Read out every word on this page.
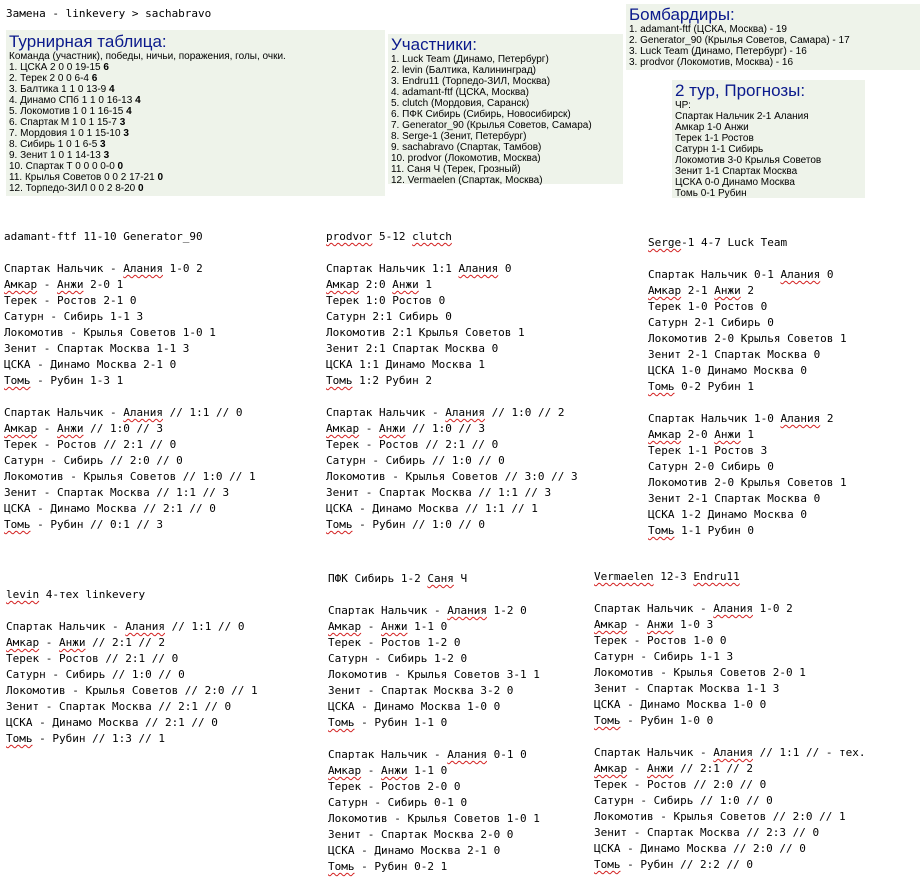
Замена - linkevery > sachabravo
Турнирная таблица:
Команда (участник), победы, ничьи, поражения, голы, очки.
1. ЦСКА 2 0 0 19-15 6
2. Терек 2 0 0 6-4 6
3. Балтика 1 1 0 13-9 4
4. Динамо СПб 1 1 0 16-13 4
5. Локомотив 1 0 1 16-15 4
6. Спартак М 1 0 1 15-7 3
7. Мордовия 1 0 1 15-10 3
8. Сибирь 1 0 1 6-5 3
9. Зенит 1 0 1 14-13 3
10. Спартак Т 0 0 0 0-0 0
11. Крылья Советов 0 0 2 17-21 0
12. Торпедо-ЗИЛ 0 0 2 8-20 0
Участники:
1. Luck Team (Динамо, Петербург)
2. levin (Балтика, Калининград)
3. Endru11 (Торпедо-ЗИЛ, Москва)
4. adamant-ftf (ЦСКА, Москва)
5. clutch (Мордовия, Саранск)
6. ПФК Сибирь (Сибирь, Новосибирск)
7. Generator_90 (Крылья Советов, Самара)
8. Serge-1 (Зенит, Петербург)
9. sachabravo (Спартак, Тамбов)
10. prodvor (Локомотив, Москва)
11. Саня Ч (Терек, Грозный)
12. Vermaelen (Спартак, Москва)
Бомбардиры:
1. adamant-ftf (ЦСКА, Москва) - 19
2. Generator_90 (Крылья Советов, Самара) - 17
3. Luck Team (Динамо, Петербург) - 16
3. prodvor (Локомотив, Москва) - 16
2 тур, Прогнозы:
ЧР:
Спартак Нальчик 2-1 Алания
Амкар 1-0 Анжи
Терек 1-1 Ростов
Сатурн 1-1 Сибирь
Локомотив 3-0 Крылья Советов
Зенит 1-1 Спартак Москва
ЦСКА 0-0 Динамо Москва
Томь 0-1 Рубин
adamant-ftf 11-10 Generator_90

Спартак Нальчик - Алания 1-0 2
Амкар - Анжи 2-0 1
Терек - Ростов 2-1 0
Сатурн - Сибирь 1-1 3
Локомотив - Крылья Советов 1-0 1
Зенит - Спартак Москва 1-1 3
ЦСКА - Динамо Москва 2-1 0
Томь - Рубин 1-3 1

Спартак Нальчик - Алания // 1:1 // 0
Амкар - Анжи // 1:0 // 3
Терек - Ростов // 2:1 // 0
Сатурн - Сибирь // 2:0 // 0
Локомотив - Крылья Советов // 1:0 // 1
Зенит - Спартак Москва // 1:1 // 3
ЦСКА - Динамо Москва // 2:1 // 0
Томь - Рубин // 0:1 // 3
prodvor 5-12 clutch

Спартак Нальчик 1:1 Алания 0
Амкар 2:0 Анжи 1
Терек 1:0 Ростов 0
Сатурн 2:1 Сибирь 0
Локомотив 2:1 Крылья Советов 1
Зенит 2:1 Спартак Москва 0
ЦСКА 1:1 Динамо Москва 1
Томь 1:2 Рубин 2

Спартак Нальчик - Алания // 1:0 // 2
Амкар - Анжи // 1:0 // 3
Терек - Ростов // 2:1 // 0
Сатурн - Сибирь // 1:0 // 0
Локомотив - Крылья Советов // 3:0 // 3
Зенит - Спартак Москва // 1:1 // 3
ЦСКА - Динамо Москва // 1:1 // 1
Томь - Рубин // 1:0 // 0
Serge-1 4-7 Luck Team

Спартак Нальчик 0-1 Алания 0
Амкар 2-1 Анжи 2
Терек 1-0 Ростов 0
Сатурн 2-1 Сибирь 0
Локомотив 2-0 Крылья Советов 1
Зенит 2-1 Спартак Москва 0
ЦСКА 1-0 Динамо Москва 0
Томь 0-2 Рубин 1

Спартак Нальчик 1-0 Алания 2
Амкар 2-0 Анжи 1
Терек 1-1 Ростов 3
Сатурн 2-0 Сибирь 0
Локомотив 2-0 Крылья Советов 1
Зенит 2-1 Спартак Москва 0
ЦСКА 1-2 Динамо Москва 0
Томь 1-1 Рубин 0
levin 4-тех linkevery

Спартак Нальчик - Алания // 1:1 // 0
Амкар - Анжи // 2:1 // 2
Терек - Ростов // 2:1 // 0
Сатурн - Сибирь // 1:0 // 0
Локомотив - Крылья Советов // 2:0 // 1
Зенит - Спартак Москва // 2:1 // 0
ЦСКА - Динамо Москва // 2:1 // 0
Томь - Рубин // 1:3 // 1
ПФК Сибирь 1-2 Саня Ч

Спартак Нальчик - Алания 1-2 0
Амкар - Анжи 1-1 0
Терек - Ростов 1-2 0
Сатурн - Сибирь 1-2 0
Локомотив - Крылья Советов 3-1 1
Зенит - Спартак Москва 3-2 0
ЦСКА - Динамо Москва 1-0 0
Томь - Рубин 1-1 0

Спартак Нальчик - Алания 0-1 0
Амкар - Анжи 1-1 0
Терек - Ростов 2-0 0
Сатурн - Сибирь 0-1 0
Локомотив - Крылья Советов 1-0 1
Зенит - Спартак Москва 2-0 0
ЦСКА - Динамо Москва 2-1 0
Томь - Рубин 0-2 1
Vermaelen 12-3 Endru11

Спартак Нальчик - Алания 1-0 2
Амкар - Анжи 1-0 3
Терек - Ростов 1-0 0
Сатурн - Сибирь 1-1 3
Локомотив - Крылья Советов 2-0 1
Зенит - Спартак Москва 1-1 3
ЦСКА - Динамо Москва 1-0 0
Томь - Рубин 1-0 0

Спартак Нальчик - Алания // 1:1 // - тех.
Амкар - Анжи // 2:1 // 2
Терек - Ростов // 2:0 // 0
Сатурн - Сибирь // 1:0 // 0
Локомотив - Крылья Советов // 2:0 // 1
Зенит - Спартак Москва // 2:3 // 0
ЦСКА - Динамо Москва // 2:0 // 0
Томь - Рубин // 2:2 // 0
